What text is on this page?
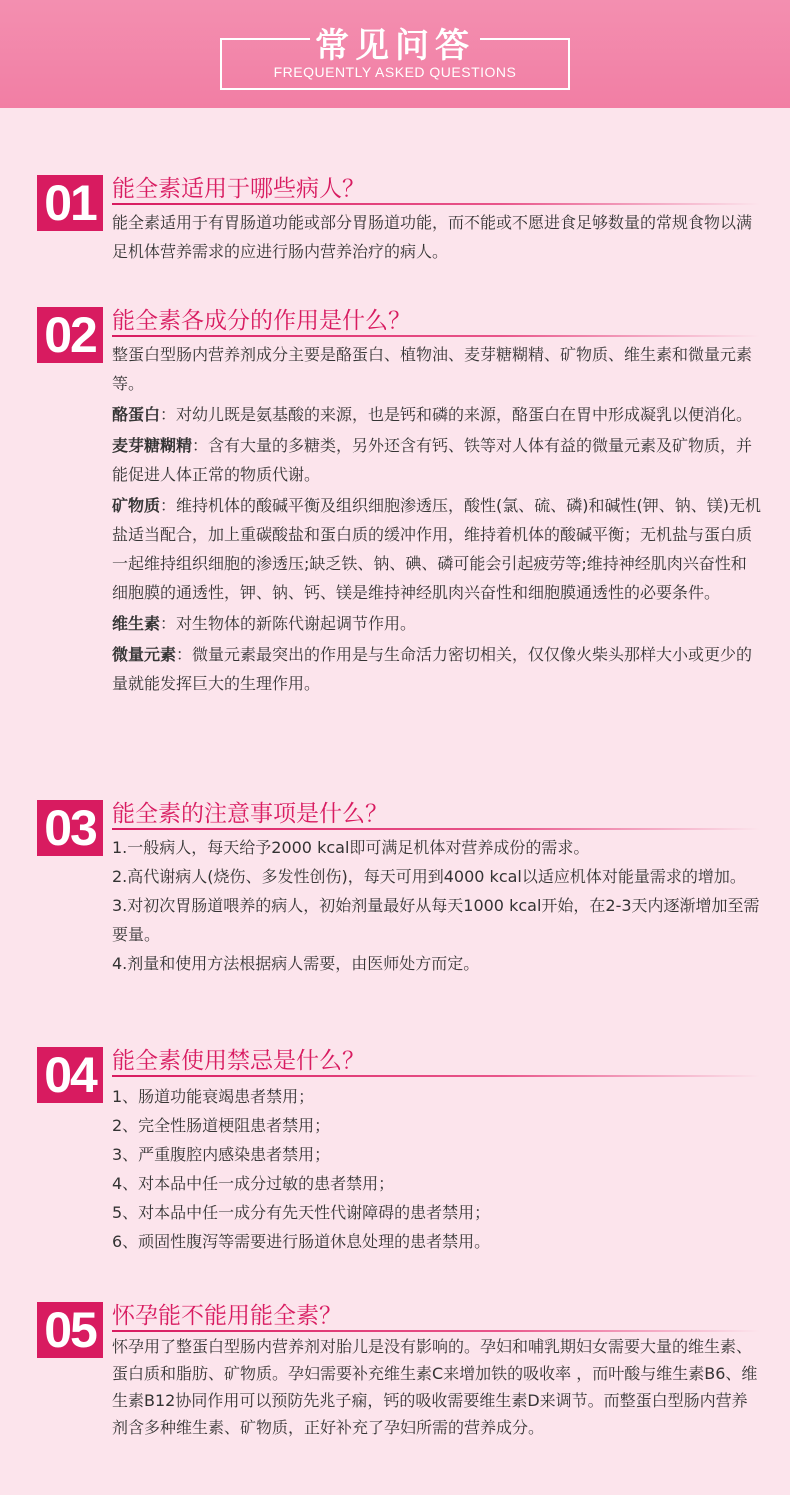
常见问答
FREQUENTLY ASKED QUESTIONS
01 能全素适用于哪些病人？

能全素适用于有胃肠道功能或部分胃肠道功能，而不能或不愿进食足够数量的常规食物以满足机体营养需求的应进行肠内营养治疗的病人。

02 能全素各成分的作用是什么？

整蛋白型肠内营养剂成分主要是酪蛋白、植物油、麦芽糖糊精、矿物质、维生素和微量元素等。

酪蛋白：对幼儿既是氨基酸的来源，也是钙和磷的来源，酪蛋白在胃中形成凝乳以便消化。

麦芽糖糊精：含有大量的多糖类，另外还含有钙、铁等对人体有益的微量元素及矿物质，并能促进人体正常的物质代谢。

矿物质：维持机体的酸碱平衡及组织细胞渗透压，酸性(氯、硫、磷)和碱性(钾、钠、镁)无机盐适当配合，加上重碳酸盐和蛋白质的缓冲作用，维持着机体的酸碱平衡；无机盐与蛋白质一起维持组织细胞的渗透压;缺乏铁、钠、碘、磷可能会引起疲劳等;维持神经肌肉兴奋性和细胞膜的通透性，钾、钠、钙、镁是维持神经肌肉兴奋性和细胞膜通透性的必要条件。

维生素：对生物体的新陈代谢起调节作用。

微量元素：微量元素最突出的作用是与生命活力密切相关，仅仅像火柴头那样大小或更少的量就能发挥巨大的生理作用。

03 能全素的注意事项是什么？

1.一般病人，每天给予2000 kcal即可满足机体对营养成份的需求。

2.高代谢病人(烧伤、多发性创伤)，每天可用到4000 kcal以适应机体对能量需求的增加。

3.对初次胃肠道喂养的病人，初始剂量最好从每天1000 kcal开始，在2-3天内逐渐增加至需要量。

4.剂量和使用方法根据病人需要，由医师处方而定。

04 能全素使用禁忌是什么？

1、肠道功能衰竭患者禁用；

2、完全性肠道梗阻患者禁用；

3、严重腹腔内感染患者禁用；

4、对本品中任一成分过敏的患者禁用；

5、对本品中任一成分有先天性代谢障碍的患者禁用；

6、顽固性腹泻等需要进行肠道休息处理的患者禁用。

05 怀孕能不能用能全素？

怀孕用了整蛋白型肠内营养剂对胎儿是没有影响的。孕妇和哺乳期妇女需要大量的维生素、蛋白质和脂肪、矿物质。孕妇需要补充维生素C来增加铁的吸收率 ，而叶酸与维生素B6、维生素B12协同作用可以预防先兆子痫，钙的吸收需要维生素D来调节。而整蛋白型肠内营养剂含多种维生素、矿物质，正好补充了孕妇所需的营养成分。
